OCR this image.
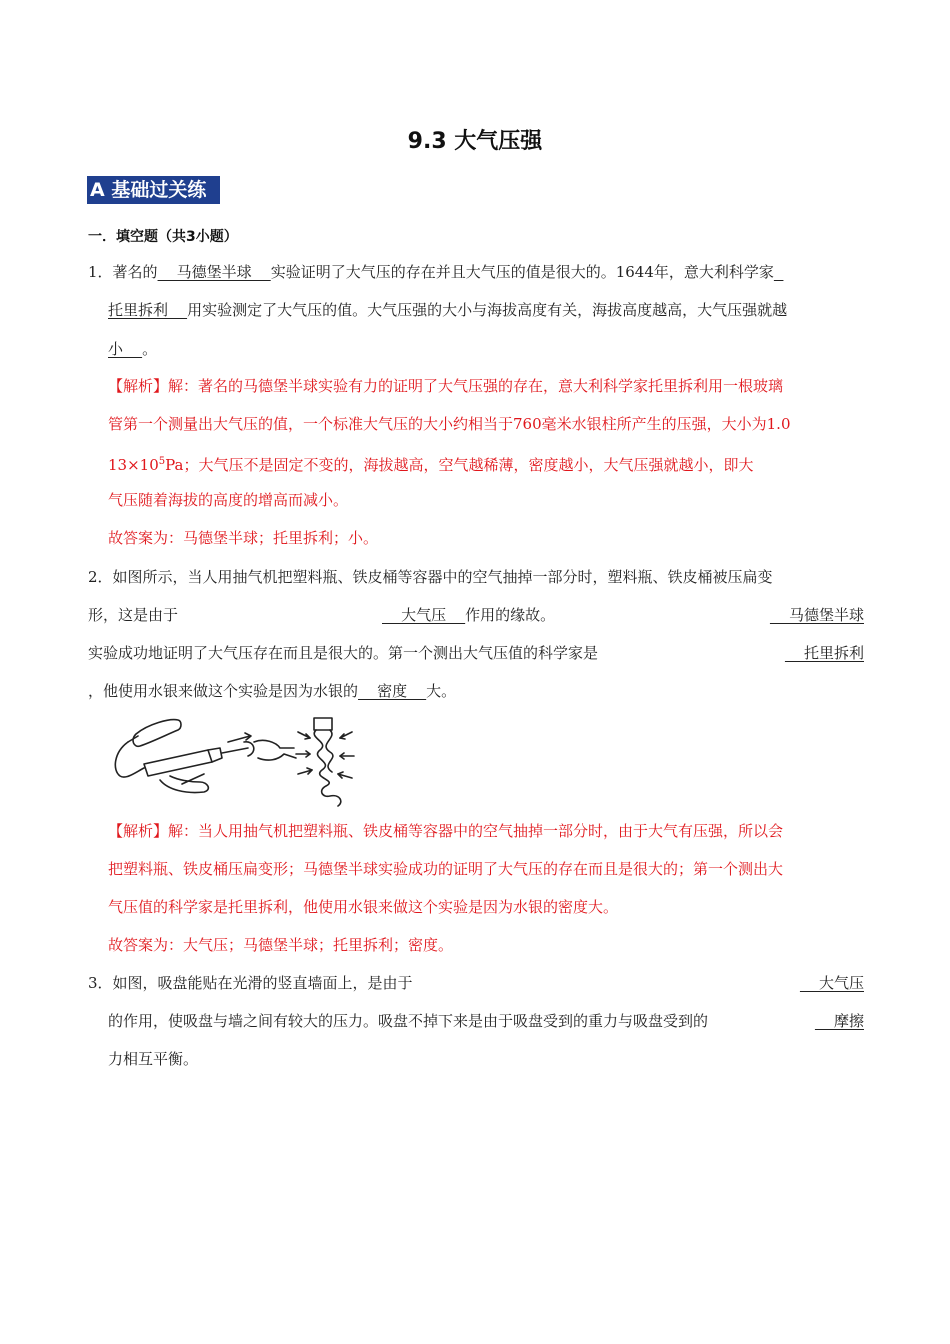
9.3 大气压强
A 基础过关练
一．填空题（共3小题）
1．著名的    马德堡半球    实验证明了大气压的存在并且大气压的值是很大的。1644年，意大利科学家
托里拆利    用实验测定了大气压的值。大气压强的大小与海拔高度有关，海拔高度越高，大气压强就越
小    。
【解析】解：著名的马德堡半球实验有力的证明了大气压强的存在，意大利科学家托里拆利用一根玻璃
管第一个测量出大气压的值，一个标准大气压的大小约相当于760毫米水银柱所产生的压强，大小为1.0
$13\times 10^5Pa$；大气压不是固定不变的，海拔越高，空气越稀薄，密度越小，大气压强就越小，即大
气压随着海拔的高度的增高而减小。
故答案为：马德堡半球；托里拆利；小。
2．如图所示，当人用抽气机把塑料瓶、铁皮桶等容器中的空气抽掉一部分时，塑料瓶、铁皮桶被压扁变
形，这是由于	大气压    作用的缘故。	马德堡半球
实验成功地证明了大气压存在而且是很大的。第一个测出大气压值的科学家是	托里拆利
，他使用水银来做这个实验是因为水银的    密度    大。
【解析】解：当人用抽气机把塑料瓶、铁皮桶等容器中的空气抽掉一部分时，由于大气有压强，所以会
把塑料瓶、铁皮桶压扁变形；马德堡半球实验成功的证明了大气压的存在而且是很大的；第一个测出大
气压值的科学家是托里拆利，他使用水银来做这个实验是因为水银的密度大。
故答案为：大气压；马德堡半球；托里拆利；密度。
3．如图，吸盘能贴在光滑的竖直墙面上，是由于	大气压
的作用，使吸盘与墙之间有较大的压力。吸盘不掉下来是由于吸盘受到的重力与吸盘受到的	摩擦
力相互平衡。
